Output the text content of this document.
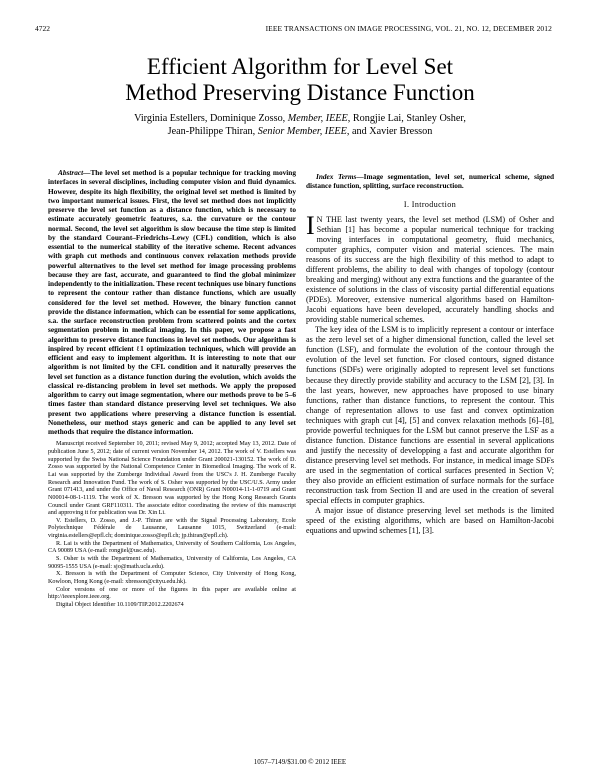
4722	IEEE TRANSACTIONS ON IMAGE PROCESSING, VOL. 21, NO. 12, DECEMBER 2012
Efficient Algorithm for Level Set
Method Preserving Distance Function
Virginia Estellers, Dominique Zosso, Member, IEEE, Rongjie Lai, Stanley Osher,
Jean-Philippe Thiran, Senior Member, IEEE, and Xavier Bresson

Abstract—The level set method is a popular technique for tracking moving interfaces in several disciplines, including computer vision and fluid dynamics. However, despite its high flexibility, the original level set method is limited by two important numerical issues. First, the level set method does not implicitly preserve the level set function as a distance function, which is necessary to estimate accurately geometric features, s.a. the curvature or the contour normal. Second, the level set algorithm is slow because the time step is limited by the standard Courant–Friedrichs–Lewy (CFL) condition, which is also essential to the numerical stability of the iterative scheme. Recent advances with graph cut methods and continuous convex relaxation methods provide powerful alternatives to the level set method for image processing problems because they are fast, accurate, and guaranteed to find the global minimizer independently to the initialization. These recent techniques use binary functions to represent the contour rather than distance functions, which are usually considered for the level set method. However, the binary function cannot provide the distance information, which can be essential for some applications, s.a. the surface reconstruction problem from scattered points and the cortex segmentation problem in medical imaging. In this paper, we propose a fast algorithm to preserve distance functions in level set methods. Our algorithm is inspired by recent efficient ℓ1 optimization techniques, which will provide an efficient and easy to implement algorithm. It is interesting to note that our algorithm is not limited by the CFL condition and it naturally preserves the level set function as a distance function during the evolution, which avoids the classical re-distancing problem in level set methods. We apply the proposed algorithm to carry out image segmentation, where our methods prove to be 5–6 times faster than standard distance preserving level set techniques. We also present two applications where preserving a distance function is essential. Nonetheless, our method stays generic and can be applied to any level set methods that require the distance information.

Manuscript received September 10, 2011; revised May 9, 2012; accepted May 13, 2012. Date of publication June 5, 2012; date of current version November 14, 2012. The work of V. Estellers was supported by the Swiss National Science Foundation under Grant 200021-130152. The work of D. Zosso was supported by the National Competence Center in Biomedical Imaging. The work of R. Lai was supported by the Zumberge Individual Award from the USC's J. H. Zumberge Faculty Research and Innovation Fund. The work of S. Osher was supported by the USC/U.S. Army under Grant 071413, and under the Office of Naval Research (ONR) Grant N00014-11-1-0719 and Grant N00014-08-1-1119. The work of X. Bresson was supported by the Hong Kong Research Grants Council under Grant GRF110311. The associate editor coordinating the review of this manuscript and approving it for publication was Dr. Xin Li.

V. Estellers, D. Zosso, and J.-P. Thiran are with the Signal Processing Laboratory, Ecole Polytechnique Fédérale de Lausanne, Lausanne 1015, Switzerland (e-mail: virginia.estellers@epfl.ch; dominique.zosso@epfl.ch; jp.thiran@epfl.ch).

R. Lai is with the Department of Mathematics, University of Southern California, Los Angeles, CA 90089 USA (e-mail: rongjiel@usc.edu).

S. Osher is with the Department of Mathematics, University of California, Los Angeles, CA 90095-1555 USA (e-mail: sjo@math.ucla.edu).

X. Bresson is with the Department of Computer Science, City University of Hong Kong, Kowloon, Hong Kong (e-mail: xbresson@cityu.edu.hk).

Color versions of one or more of the figures in this paper are available online at http://ieeexplore.ieee.org.

Digital Object Identifier 10.1109/TIP.2012.2202674

Index Terms—Image segmentation, level set, numerical scheme, signed distance function, splitting, surface reconstruction.

I. Introduction

I N THE last twenty years, the level set method (LSM) of Osher and Sethian [1] has become a popular numerical technique for tracking moving interfaces in computational geometry, fluid mechanics, computer graphics, computer vision and material sciences. The main reasons of its success are the high flexibility of this method to adapt to different problems, the ability to deal with changes of topology (contour breaking and merging) without any extra functions and the guarantee of the existence of solutions in the class of viscosity partial differential equations (PDEs). Moreover, extensive numerical algorithms based on Hamilton-Jacobi equations have been developed, accurately handling shocks and providing stable numerical schemes.

The key idea of the LSM is to implicitly represent a contour or interface as the zero level set of a higher dimensional function, called the level set function (LSF), and formulate the evolution of the contour through the evolution of the level set function. For closed contours, signed distance functions (SDFs) were originally adopted to represent level set functions because they directly provide stability and accuracy to the LSM [2], [3]. In the last years, however, new approaches have proposed to use binary functions, rather than distance functions, to represent the contour. This change of representation allows to use fast and convex optimization techniques with graph cut [4], [5] and convex relaxation methods [6]–[8], provide powerful techniques for the LSM but cannot preserve the LSF as a distance function. Distance functions are essential in several applications and justify the necessity of developping a fast and accurate algorithm for distance preserving level set methods. For instance, in medical image SDFs are used in the segmentation of cortical surfaces presented in Section V; they also provide an efficient estimation of surface normals for the surface reconstruction task from Section II and are used in the creation of several special effects in computer graphics.

A major issue of distance preserving level set methods is the limited speed of the existing algorithms, which are based on Hamilton-Jacobi equations and upwind schemes [1], [3].

1057–7149/$31.00 © 2012 IEEE
